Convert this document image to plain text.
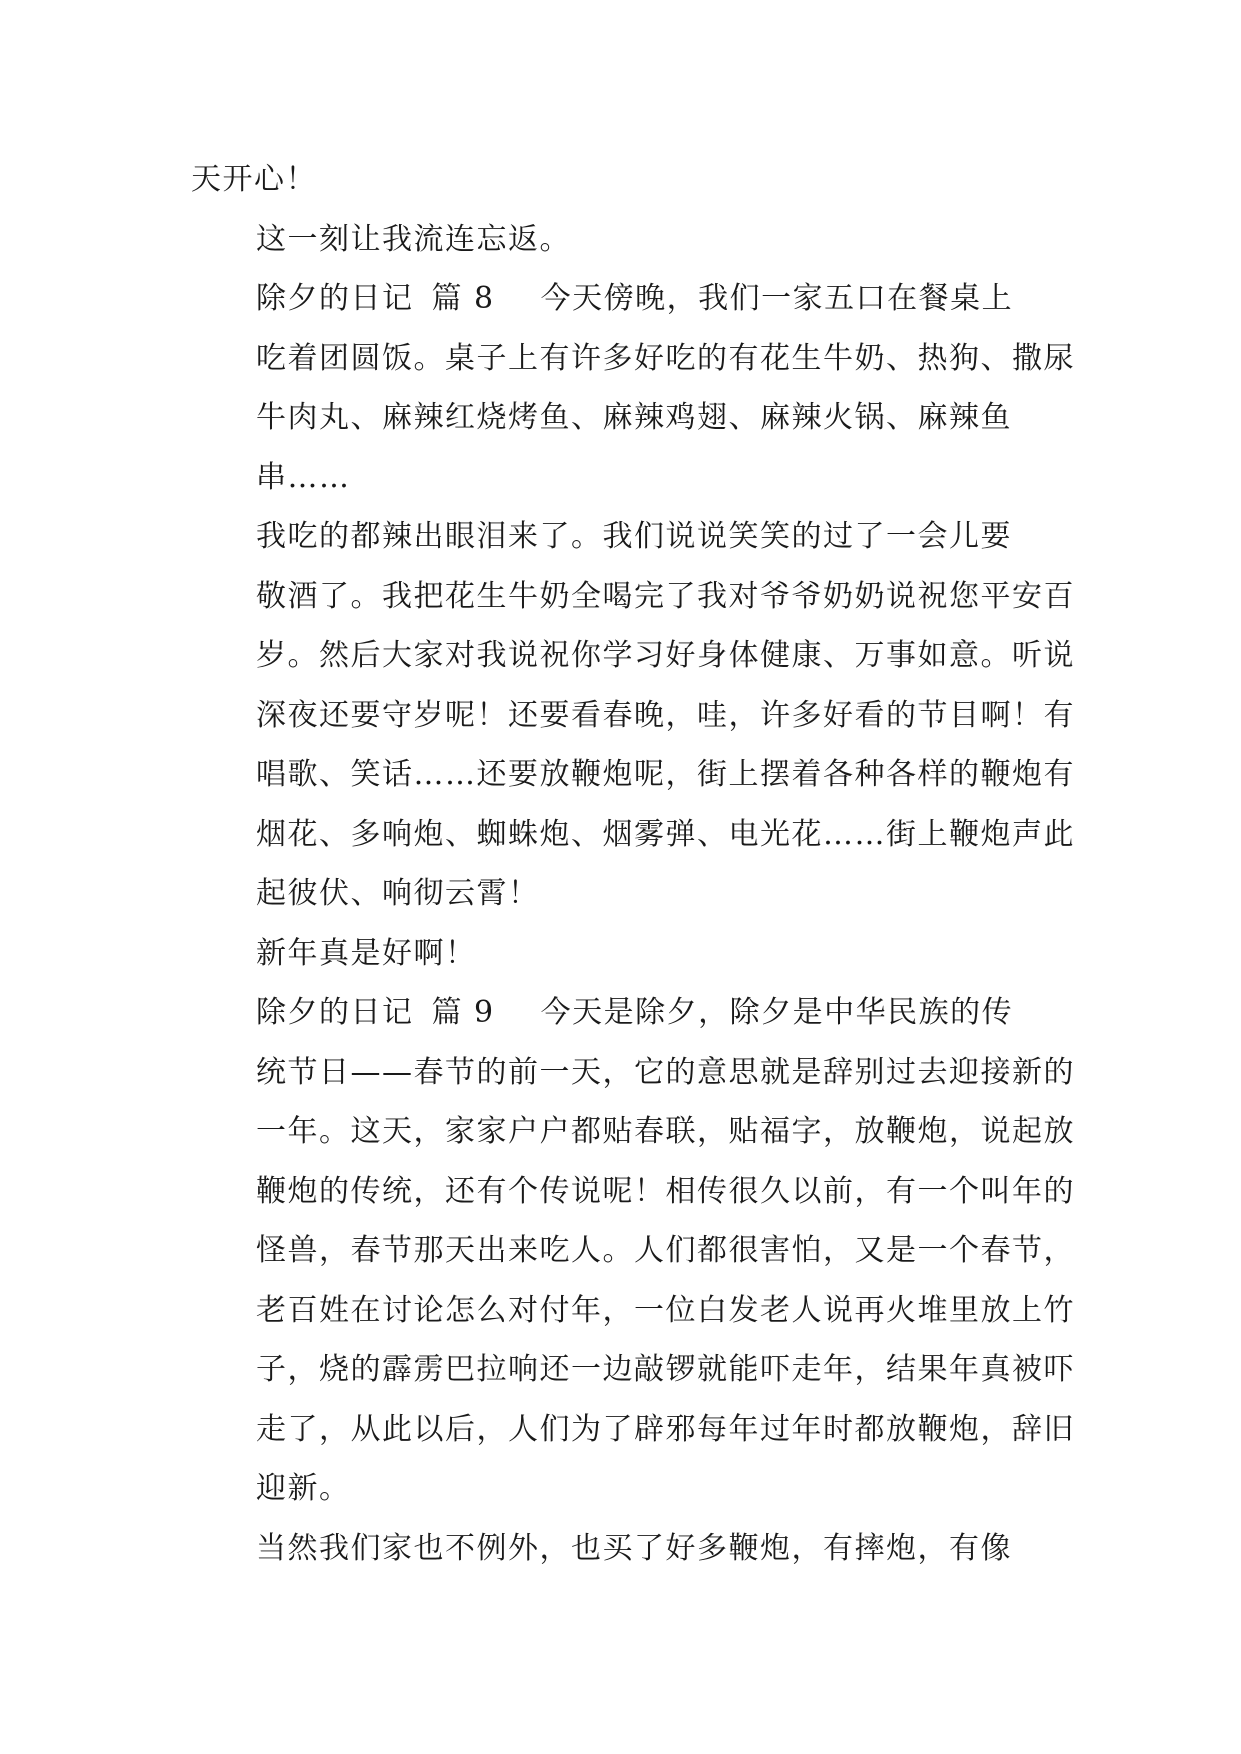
天开心！

这一刻让我流连忘返。

除夕的日记 篇 8 今天傍晚，我们一家五口在餐桌上
吃着团圆饭。桌子上有许多好吃的有花生牛奶、热狗、撒尿
牛肉丸、麻辣红烧烤鱼、麻辣鸡翅、麻辣火锅、麻辣鱼
串……

我吃的都辣出眼泪来了。我们说说笑笑的过了一会儿要
敬酒了。我把花生牛奶全喝完了我对爷爷奶奶说祝您平安百
岁。然后大家对我说祝你学习好身体健康、万事如意。听说
深夜还要守岁呢！还要看春晚，哇，许多好看的节目啊！有
唱歌、笑话……还要放鞭炮呢，街上摆着各种各样的鞭炮有
烟花、多响炮、蜘蛛炮、烟雾弹、电光花……街上鞭炮声此
起彼伏、响彻云霄！

新年真是好啊！

除夕的日记 篇 9 今天是除夕，除夕是中华民族的传
统节日——春节的前一天，它的意思就是辞别过去迎接新的
一年。这天，家家户户都贴春联，贴福字，放鞭炮，说起放
鞭炮的传统，还有个传说呢！相传很久以前，有一个叫年的
怪兽，春节那天出来吃人。人们都很害怕，又是一个春节，
老百姓在讨论怎么对付年，一位白发老人说再火堆里放上竹
子，烧的霹雳巴拉响还一边敲锣就能吓走年，结果年真被吓
走了，从此以后，人们为了辟邪每年过年时都放鞭炮，辞旧
迎新。

当然我们家也不例外，也买了好多鞭炮，有摔炮，有像
